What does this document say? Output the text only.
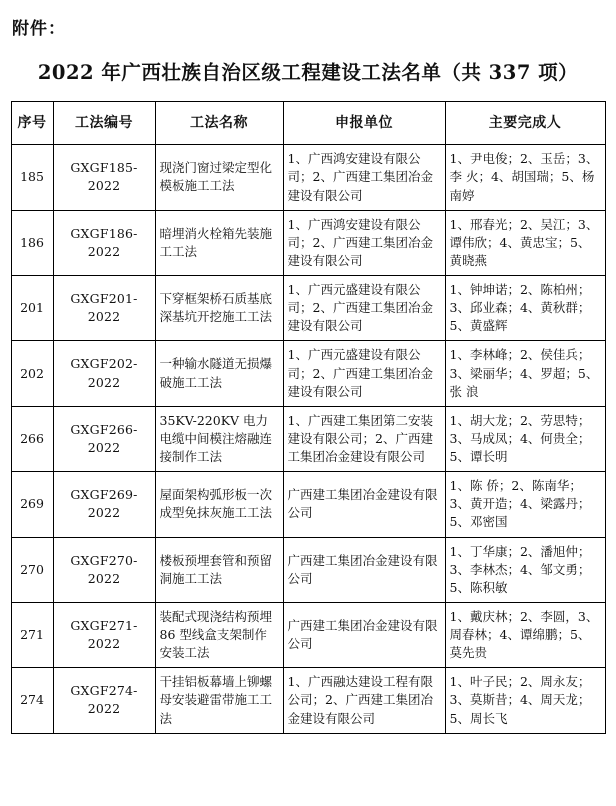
附件：
2022 年广西壮族自治区级工程建设工法名单（共 337 项）
序号	工法编号	工法名称	申报单位	主要完成人
185	GXGF185-2022	现浇门窗过梁定型化模板施工工法	1、广西鸿安建设有限公司；2、广西建工集团冶金建设有限公司	1、尹电俊；2、玉岳；3、李 火；4、胡国瑞；5、杨南婷
186	GXGF186-2022	暗埋消火栓箱先装施工工法	1、广西鸿安建设有限公司；2、广西建工集团冶金建设有限公司	1、邢春光；2、吴江；3、谭伟欣；4、黄忠宝；5、黄晓燕
201	GXGF201-2022	下穿框架桥石质基底深基坑开挖施工工法	1、广西元盛建设有限公司；2、广西建工集团冶金建设有限公司	1、钟坤诺；2、陈柏州；3、邱业森；4、黄秋群；5、黄盛辉
202	GXGF202-2022	一种输水隧道无损爆破施工工法	1、广西元盛建设有限公司；2、广西建工集团冶金建设有限公司	1、李林峰；2、侯佳兵；3、梁丽华；4、罗超；5、张 浪
266	GXGF266-2022	35KV-220KV 电力电缆中间模注熔融连接制作工法	1、广西建工集团第二安装建设有限公司；2、广西建工集团冶金建设有限公司	1、胡大龙；2、劳思特；3、马成凤；4、何贵全；5、谭长明
269	GXGF269-2022	屋面架构弧形板一次成型免抹灰施工工法	广西建工集团冶金建设有限公司	1、陈 侨；2、陈南华；3、黄开造；4、梁露丹；5、邓密国
270	GXGF270-2022	楼板预埋套管和预留洞施工工法	广西建工集团冶金建设有限公司	1、丁华康；2、潘旭仲；3、李林杰；4、邹文勇；5、陈积敏
271	GXGF271-2022	装配式现浇结构预埋 86 型线盒支架制作安装工法	广西建工集团冶金建设有限公司	1、戴庆林；2、李圆，3、周春林；4、谭绵鹏；5、莫先贵
274	GXGF274-2022	干挂铝板幕墙上铆螺母安装避雷带施工工法	1、广西融达建设工程有限公司；2、广西建工集团冶金建设有限公司	1、叶子民；2、周永友；3、莫斯昔；4、周天龙；5、周长飞
